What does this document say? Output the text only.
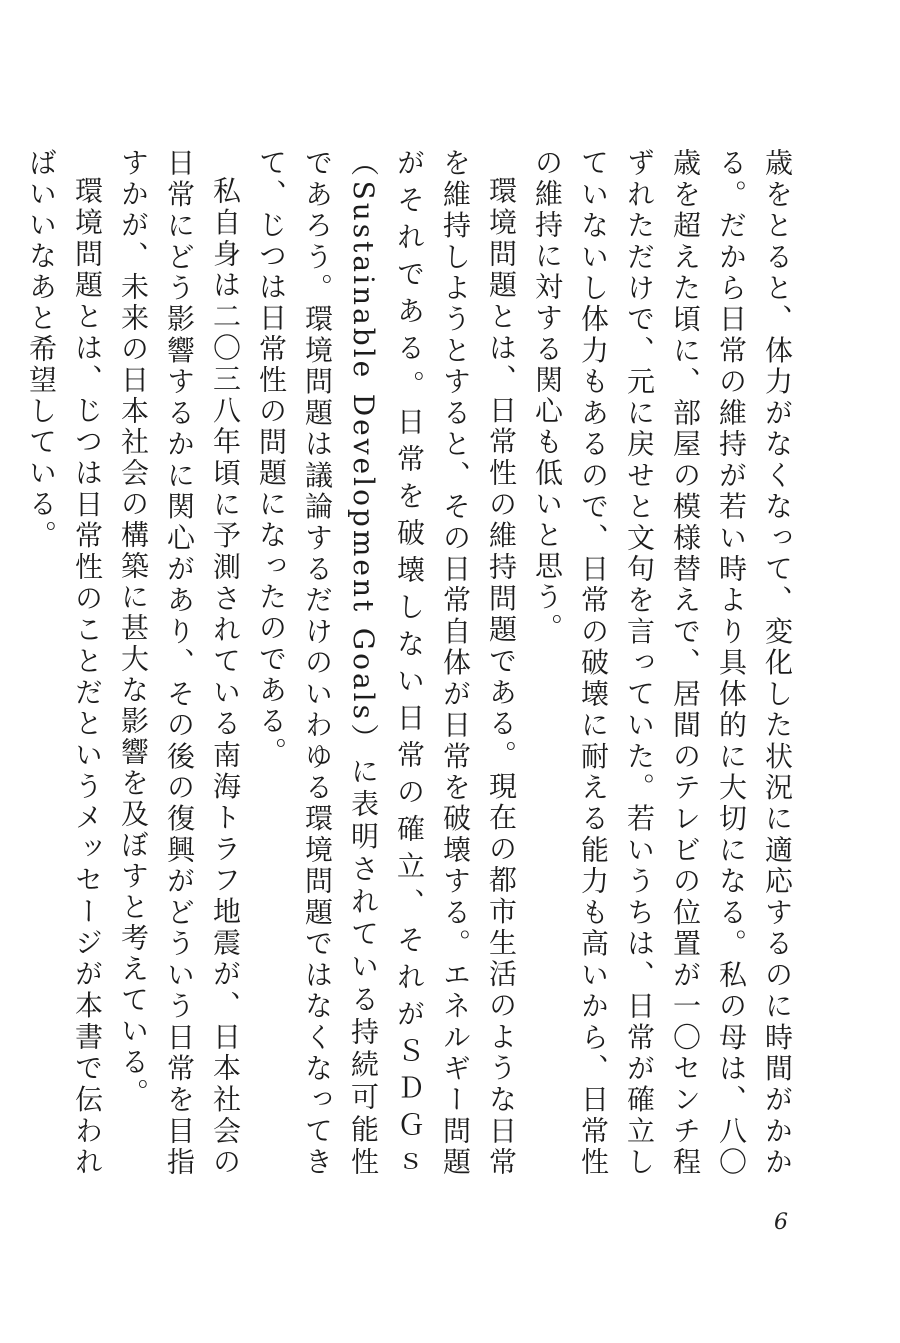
歳をとると、体力がなくなって、変化した状況に適応するのに時間がかかる。だから日常の維持が若い時より具体的に大切になる。私の母は、八〇歳を超えた頃に、部屋の模様替えで、居間のテレビの位置が一〇センチ程ずれただけで、元に戻せと文句を言っていた。若いうちは、日常が確立していないし体力もあるので、日常の破壊に耐える能力も高いから、日常性の維持に対する関心も低いと思う。

環境問題とは、日常性の維持問題である。現在の都市生活のような日常を維持しようとすると、その日常自体が日常を破壊する。エネルギー問題がそれである。日常を破壊しない日常の確立、それがＳＤＧｓ（Sustainable Development Goals）に表明されている持続可能性であろう。環境問題は議論するだけのいわゆる環境問題ではなくなってきて、じつは日常性の問題になったのである。

私自身は二〇三八年頃に予測されている南海トラフ地震が、日本社会の日常にどう影響するかに関心があり、その後の復興がどういう日常を目指すかが、未来の日本社会の構築に甚大な影響を及ぼすと考えている。

環境問題とは、じつは日常性のことだというメッセージが本書で伝わればいいなあと希望している。

6
